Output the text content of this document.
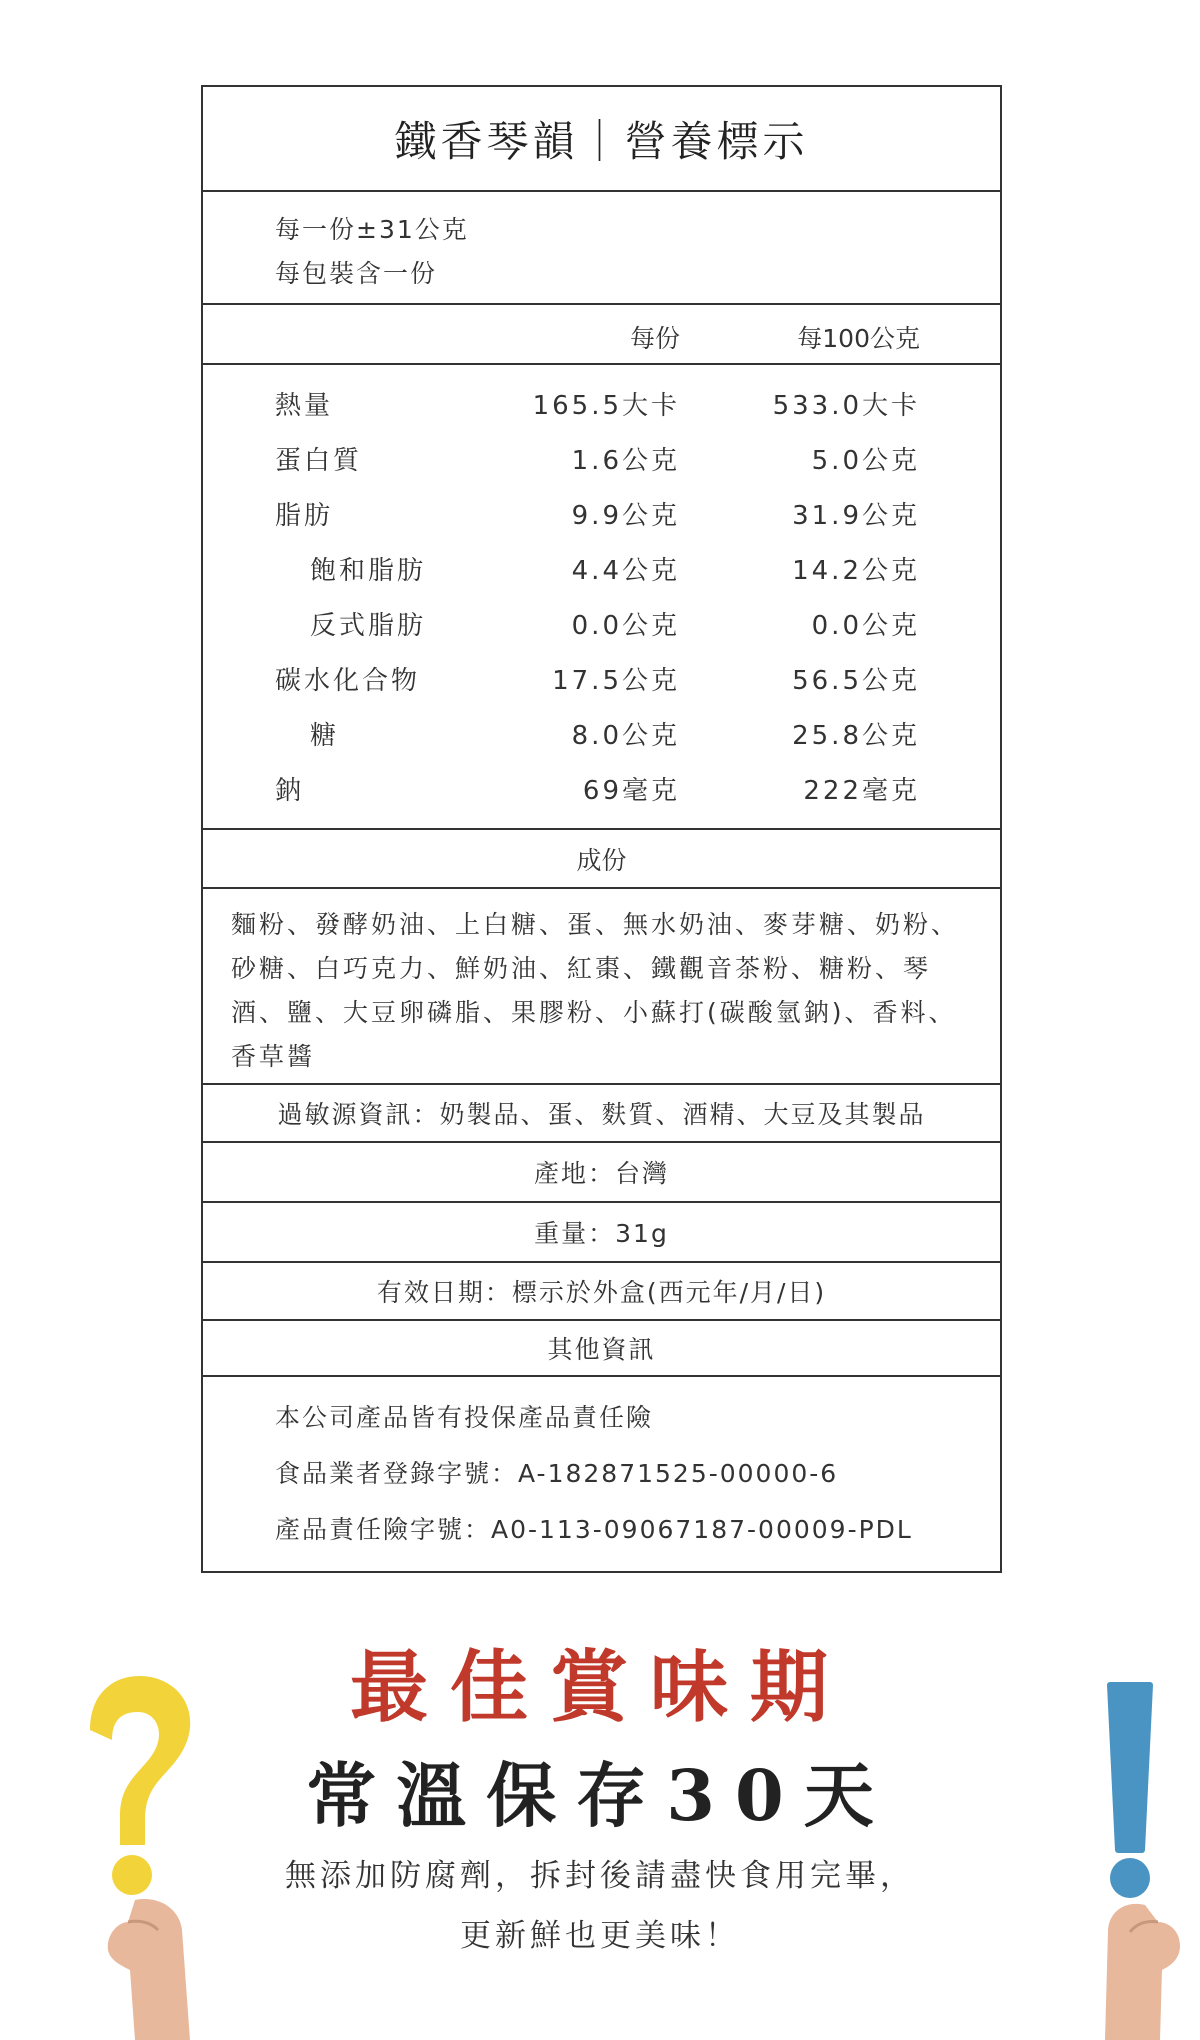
鐵香琴韻｜營養標示
每一份±31公克
每包裝含一份
每份	每100公克
熱量	165.5大卡	533.0大卡
蛋白質	1.6公克	5.0公克
脂肪	9.9公克	31.9公克
飽和脂肪	4.4公克	14.2公克
反式脂肪	0.0公克	0.0公克
碳水化合物	17.5公克	56.5公克
糖	8.0公克	25.8公克
鈉	69毫克	222毫克
成份

麵粉、發酵奶油、上白糖、蛋、無水奶油、麥芽糖、奶粉、砂糖、白巧克力、鮮奶油、紅棗、鐵觀音茶粉、糖粉、琴酒、鹽、大豆卵磷脂、果膠粉、小蘇打(碳酸氫鈉)、香料、香草醬

過敏源資訊：奶製品、蛋、麩質、酒精、大豆及其製品
產地：台灣
重量：31g
有效日期：標示於外盒(西元年/月/日)
其他資訊
本公司產品皆有投保產品責任險
食品業者登錄字號：A-182871525-00000-6
產品責任險字號：A0-113-09067187-00009-PDL
最佳賞味期
常溫保存30天
無添加防腐劑，拆封後請盡快食用完畢，
更新鮮也更美味！
